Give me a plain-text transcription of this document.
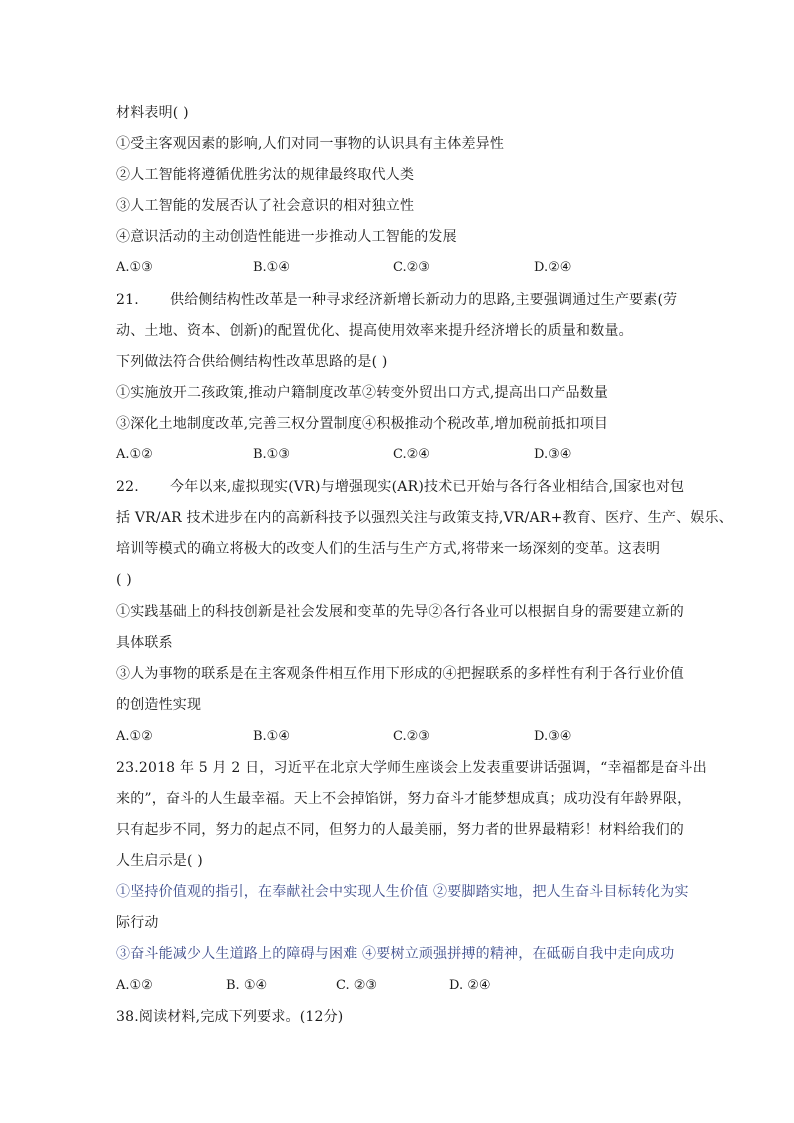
材料表明( )
①受主客观因素的影响,人们对同一事物的认识具有主体差异性
②人工智能将遵循优胜劣汰的规律最终取代人类
③人工智能的发展否认了社会意识的相对独立性
④意识活动的主动创造性能进一步推动人工智能的发展
A.①③	B.①④	C.②③	D.②④
21. 供给侧结构性改革是一种寻求经济新增长新动力的思路,主要强调通过生产要素(劳
动、土地、资本、创新)的配置优化、提高使用效率来提升经济增长的质量和数量。
下列做法符合供给侧结构性改革思路的是( )
①实施放开二孩政策,推动户籍制度改革②转变外贸出口方式,提高出口产品数量
③深化土地制度改革,完善三权分置制度④积极推动个税改革,增加税前抵扣项目
A.①②	B.①③	C.②④	D.③④
22. 今年以来,虚拟现实(VR)与增强现实(AR)技术已开始与各行各业相结合,国家也对包
括 VR/AR 技术进步在内的高新科技予以强烈关注与政策支持,VR/AR+教育、医疗、生产、娱乐、
培训等模式的确立将极大的改变人们的生活与生产方式,将带来一场深刻的变革。这表明
( )
①实践基础上的科技创新是社会发展和变革的先导②各行各业可以根据自身的需要建立新的
具体联系
③人为事物的联系是在主客观条件相互作用下形成的④把握联系的多样性有利于各行业价值
的创造性实现
A.①②	B.①④	C.②③	D.③④
23.2018 年 5 月 2 日，习近平在北京大学师生座谈会上发表重要讲话强调，“幸福都是奋斗出
来的”，奋斗的人生最幸福。天上不会掉馅饼，努力奋斗才能梦想成真；成功没有年龄界限，
只有起步不同，努力的起点不同，但努力的人最美丽，努力者的世界最精彩！材料给我们的
人生启示是( )
①坚持价值观的指引，在奉献社会中实现人生价值 ②要脚踏实地，把人生奋斗目标转化为实
际行动
③奋斗能减少人生道路上的障碍与困难 ④要树立顽强拼搏的精神，在砥砺自我中走向成功
A.①②	B. ①④	C. ②③	D. ②④
38.阅读材料,完成下列要求。(12分)
